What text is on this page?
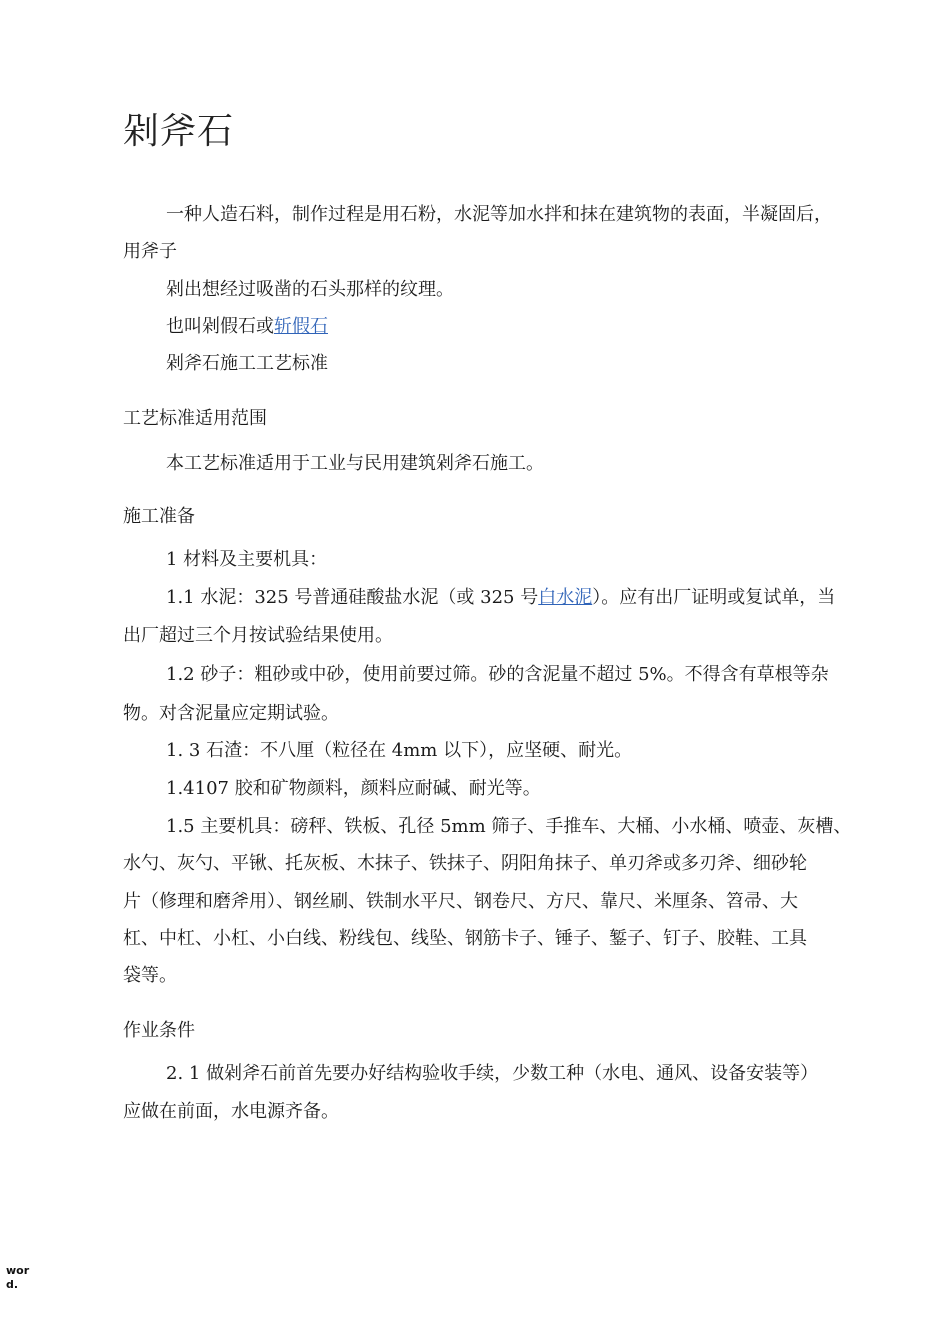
剁斧石

一种人造石料，制作过程是用石粉，水泥等加水拌和抹在建筑物的表面，半凝固后，

用斧子

剁出想经过吸凿的石头那样的纹理。

也叫剁假石或斩假石

剁斧石施工工艺标准

工艺标准适用范围

本工艺标准适用于工业与民用建筑剁斧石施工。

施工准备

1 材料及主要机具：

1.1 水泥：325 号普通硅酸盐水泥（或 325 号白水泥）。应有出厂证明或复试单，当

出厂超过三个月按试验结果使用。

1.2 砂子：粗砂或中砂，使用前要过筛。砂的含泥量不超过 5%。不得含有草根等杂

物。对含泥量应定期试验。

1. 3 石渣：不八厘（粒径在 4mm 以下），应坚硬、耐光。

1.4107 胶和矿物颜料，颜料应耐碱、耐光等。

1.5 主要机具：磅秤、铁板、孔径 5mm 筛子、手推车、大桶、小水桶、喷壶、灰槽、

水勺、灰勺、平锹、托灰板、木抹子、铁抹子、阴阳角抹子、单刃斧或多刃斧、细砂轮

片（修理和磨斧用）、钢丝刷、铁制水平尺、钢卷尺、方尺、靠尺、米厘条、笤帚、大

杠、中杠、小杠、小白线、粉线包、线坠、钢筋卡子、锤子、錾子、钉子、胶鞋、工具

袋等。

作业条件

2. 1 做剁斧石前首先要办好结构验收手续，少数工种（水电、通风、设备安装等）

应做在前面，水电源齐备。

word.
